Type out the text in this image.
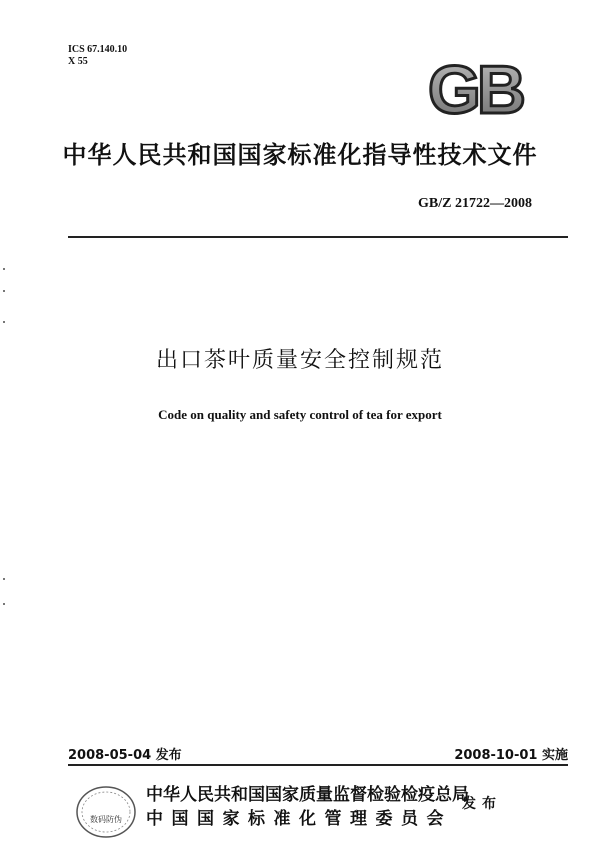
ICS 67.140.10
X 55	GB
中华人民共和国国家标准化指导性技术文件
GB/Z 21722—2008
出口茶叶质量安全控制规范
Code on quality and safety control of tea for export
2008-05-04 发布	2008-10-01 实施
数码防伪
中华人民共和国国家质量监督检验检疫总局
中国国家标准化管理委员会
发布
